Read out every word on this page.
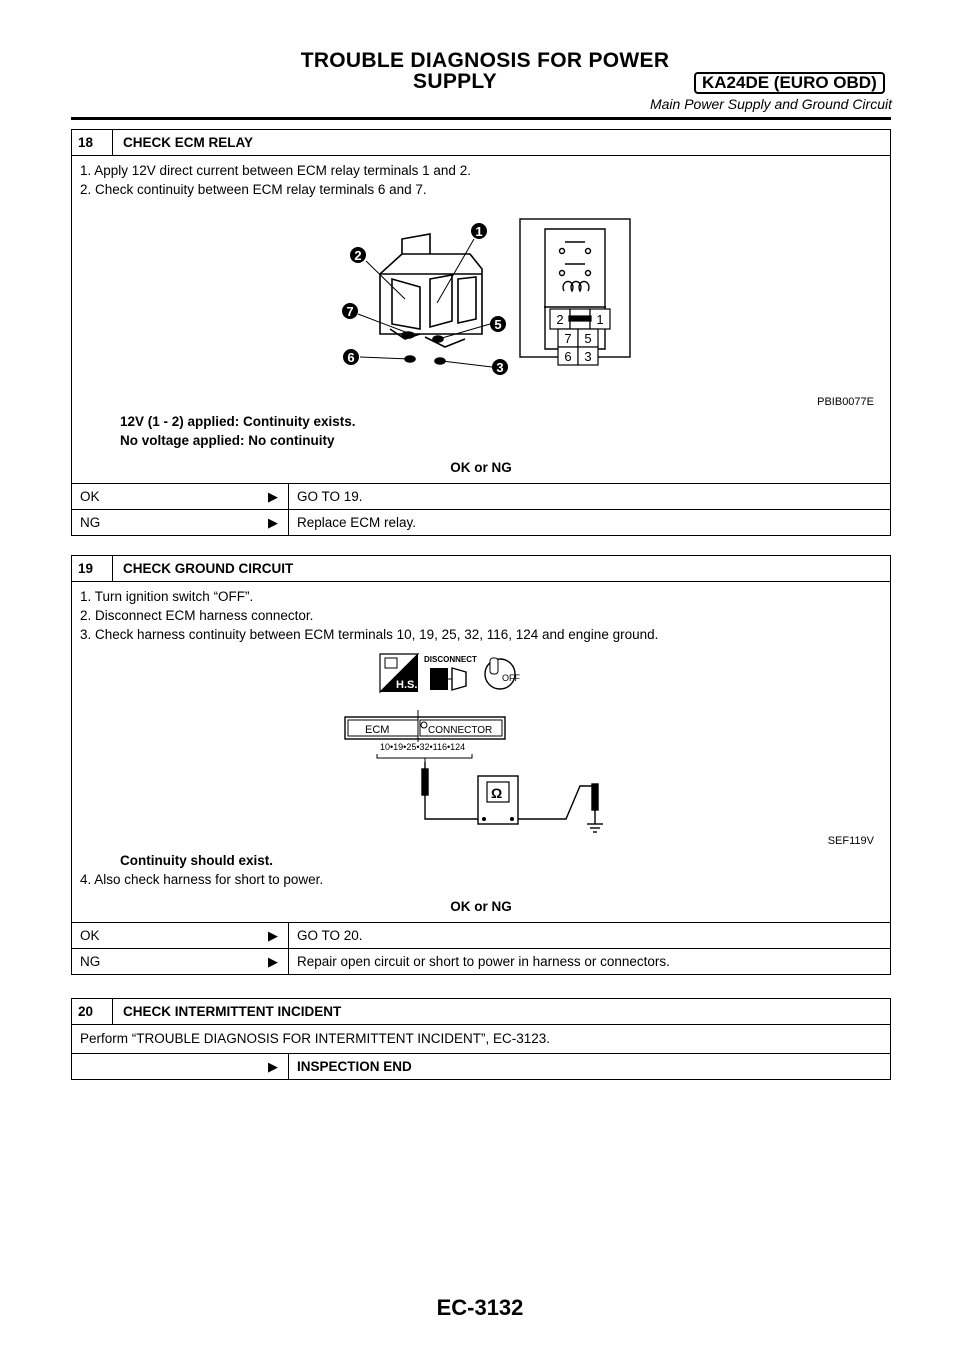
TROUBLE DIAGNOSIS FOR POWER
SUPPLY	KA24DE (EURO OBD)
Main Power Supply and Ground Circuit
18	CHECK ECM RELAY
1. Apply 12V direct current between ECM relay terminals 1 and 2.
2. Check continuity between ECM relay terminals 6 and 7.
1
2
7
5
6
3
2	1
7 5
6 3
PBIB0077E
12V (1 - 2) applied: Continuity exists.
No voltage applied: No continuity
OK or NG
OK	▶	GO TO 19.
NG	▶	Replace ECM relay.
19	CHECK GROUND CIRCUIT
1. Turn ignition switch “OFF”.
2. Disconnect ECM harness connector.
3. Check harness continuity between ECM terminals 10, 19, 25, 32, 116, 124 and engine ground.
H.S.
DISCONNECT
OFF
ECM	CONNECTOR
10•19•25•32•116•124
Ω
SEF119V
Continuity should exist.
4. Also check harness for short to power.
OK or NG
OK	▶	GO TO 20.
NG	▶	Repair open circuit or short to power in harness or connectors.
20	CHECK INTERMITTENT INCIDENT
Perform “TROUBLE DIAGNOSIS FOR INTERMITTENT INCIDENT”, EC-3123.
▶	INSPECTION END
EC-3132
